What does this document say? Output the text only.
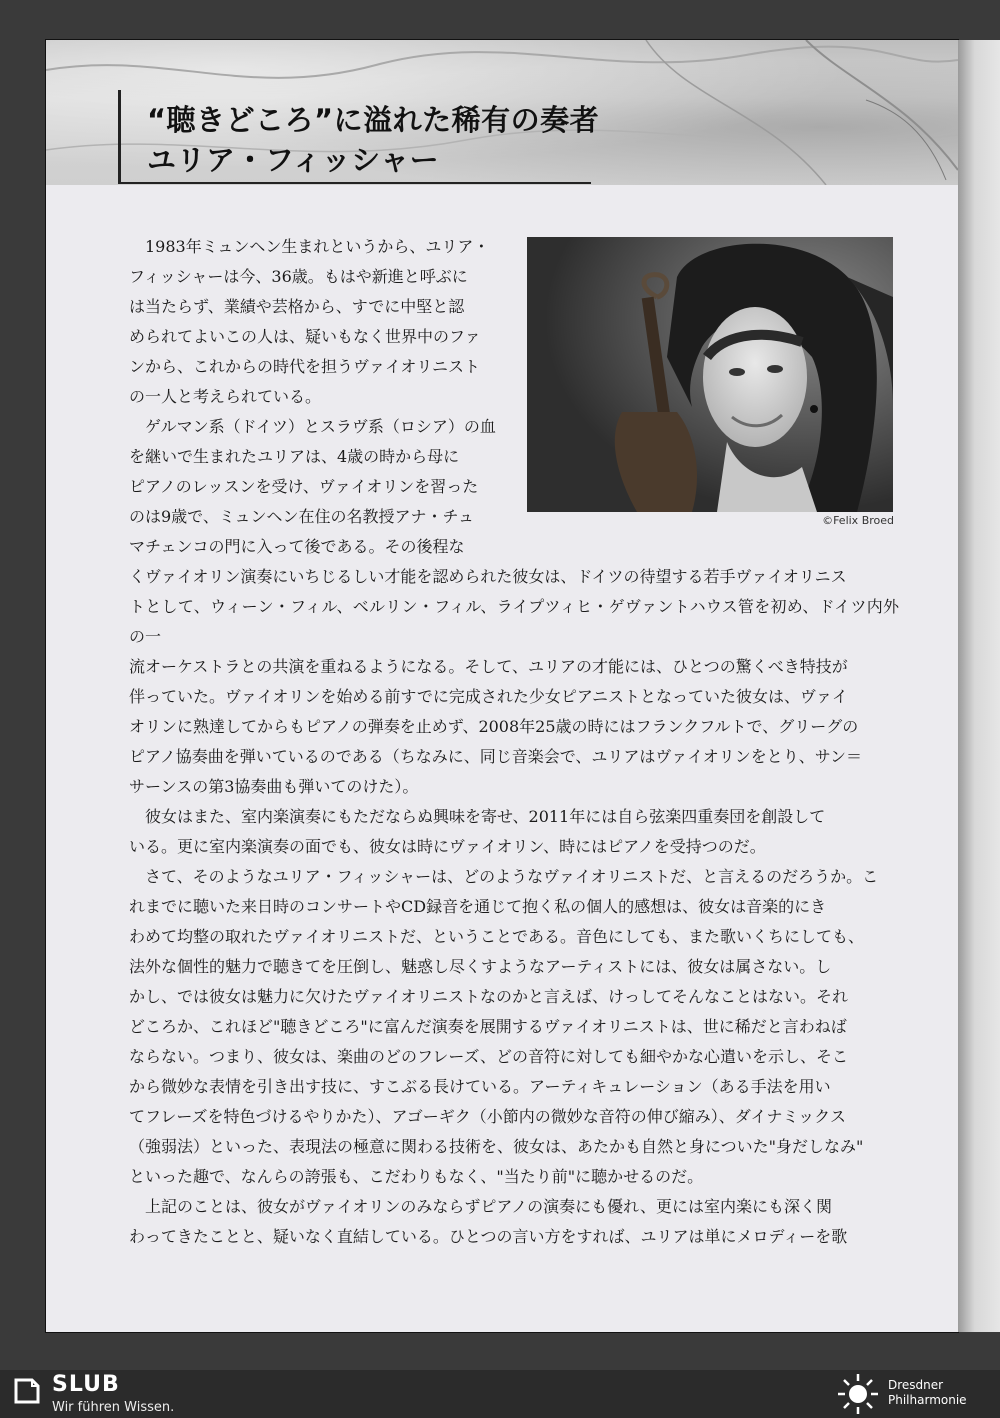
“聴きどころ”に溢れた稀有の奏者
ユリア・フィッシャー
©Felix Broed

1983年ミュンヘン生まれというから、ユリア・

フィッシャーは今、36歳。もはや新進と呼ぶに

は当たらず、業績や芸格から、すでに中堅と認

められてよいこの人は、疑いもなく世界中のファ

ンから、これからの時代を担うヴァイオリニスト

の一人と考えられている。

ゲルマン系（ドイツ）とスラヴ系（ロシア）の血

を継いで生まれたユリアは、4歳の時から母に

ピアノのレッスンを受け、ヴァイオリンを習った

のは9歳で、ミュンヘン在住の名教授アナ・チュ

マチェンコの門に入って後である。その後程な

くヴァイオリン演奏にいちじるしい才能を認められた彼女は、ドイツの待望する若手ヴァイオリニス

トとして、ウィーン・フィル、ベルリン・フィル、ライプツィヒ・ゲヴァントハウス管を初め、ドイツ内外の一

流オーケストラとの共演を重ねるようになる。そして、ユリアの才能には、ひとつの驚くべき特技が

伴っていた。ヴァイオリンを始める前すでに完成された少女ピアニストとなっていた彼女は、ヴァイ

オリンに熟達してからもピアノの弾奏を止めず、2008年25歳の時にはフランクフルトで、グリーグの

ピアノ協奏曲を弾いているのである（ちなみに、同じ音楽会で、ユリアはヴァイオリンをとり、サン＝

サーンスの第3協奏曲も弾いてのけた）。

彼女はまた、室内楽演奏にもただならぬ興味を寄せ、2011年には自ら弦楽四重奏団を創設して

いる。更に室内楽演奏の面でも、彼女は時にヴァイオリン、時にはピアノを受持つのだ。

さて、そのようなユリア・フィッシャーは、どのようなヴァイオリニストだ、と言えるのだろうか。こ

れまでに聴いた来日時のコンサートやCD録音を通じて抱く私の個人的感想は、彼女は音楽的にき

わめて均整の取れたヴァイオリニストだ、ということである。音色にしても、また歌いくちにしても、

法外な個性的魅力で聴きてを圧倒し、魅惑し尽くすようなアーティストには、彼女は属さない。し

かし、では彼女は魅力に欠けたヴァイオリニストなのかと言えば、けっしてそんなことはない。それ

どころか、これほど"聴きどころ"に富んだ演奏を展開するヴァイオリニストは、世に稀だと言わねば

ならない。つまり、彼女は、楽曲のどのフレーズ、どの音符に対しても細やかな心遣いを示し、そこ

から微妙な表情を引き出す技に、すこぶる長けている。アーティキュレーション（ある手法を用い

てフレーズを特色づけるやりかた）、アゴーギク（小節内の微妙な音符の伸び縮み）、ダイナミックス

（強弱法）といった、表現法の極意に関わる技術を、彼女は、あたかも自然と身についた"身だしなみ"

といった趣で、なんらの誇張も、こだわりもなく、"当たり前"に聴かせるのだ。

上記のことは、彼女がヴァイオリンのみならずピアノの演奏にも優れ、更には室内楽にも深く関

わってきたことと、疑いなく直結している。ひとつの言い方をすれば、ユリアは単にメロディーを歌

SLUB
Wir führen Wissen.
Dresdner
Philharmonie
